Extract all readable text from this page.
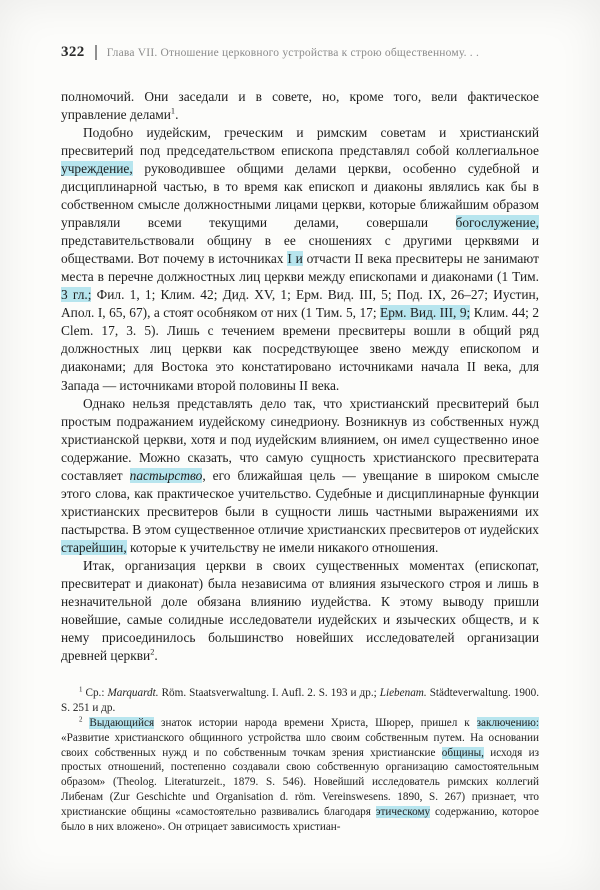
322 Глава VII. Отношение церковного устройства к строю общественному. . .

полномочий. Они заседали и в совете, но, кроме того, вели фактическое управление делами$^1$.

Подобно иудейским, греческим и римским советам и христианский пресвитерий под председательством епископа представлял собой коллегиальное учреждение, руководившее общими делами церкви, особенно судебной и дисциплинарной частью, в то время как епископ и диаконы являлись как бы в собственном смысле должностными лицами церкви, которые ближайшим образом управляли всеми текущими делами, совершали богослужение, представительствовали общину в ее сношениях с другими церквями и обществами. Вот почему в источниках I и отчасти II века пресвитеры не занимают места в перечне должностных лиц церкви между епископами и диаконами (1 Тим. 3 гл.; Фил. 1, 1; Клим. 42; Дид. XV, 1; Ерм. Вид. III, 5; Под. IX, 26–27; Иустин, Апол. I, 65, 67), а стоят особняком от них (1 Тим. 5, 17; Ерм. Вид. III, 9; Клим. 44; 2 Clem. 17, 3. 5). Лишь с течением времени пресвитеры вошли в общий ряд должностных лиц церкви как посредствующее звено между епископом и диаконами; для Востока это констатировано источниками начала II века, для Запада — источниками второй половины II века.

Однако нельзя представлять дело так, что христианский пресвитерий был простым подражанием иудейскому синедриону. Возникнув из собственных нужд христианской церкви, хотя и под иудейским влиянием, он имел существенно иное содержание. Можно сказать, что самую сущность христианского пресвитерата составляет пастырство, его ближайшая цель — увещание в широком смысле этого слова, как практическое учительство. Судебные и дисциплинарные функции христианских пресвитеров были в сущности лишь частными выражениями их пастырства. В этом существенное отличие христианских пресвитеров от иудейских старейшин, которые к учительству не имели никакого отношения.

Итак, организация церкви в своих существенных моментах (епископат, пресвитерат и диаконат) была независима от влияния языческого строя и лишь в незначительной доле обязана влиянию иудейства. К этому выводу пришли новейшие, самые солидные исследователи иудейских и языческих обществ, и к нему присоединилось большинство новейших исследователей организации древней церкви$^2$.

$^1$ Ср.: Marquardt. Röm. Staatsverwaltung. I. Aufl. 2. S. 193 и др.; Liebenam. Städteverwaltung. 1900. S. 251 и др.

$^2$ Выдающийся знаток истории народа времени Христа, Шюрер, пришел к заключению: «Развитие христианского общинного устройства шло своим собственным путем. На основании своих собственных нужд и по собственным точкам зрения христианские общины, исходя из простых отношений, постепенно создавали свою собственную организацию самостоятельным образом» (Theolog. Literaturzeit., 1879. S. 546). Новейший исследователь римских коллегий Либенам (Zur Geschichte und Organisation d. röm. Vereinswesens. 1890, S. 267) признает, что христианские общины «самостоятельно развивались благодаря этическому содержанию, которое было в них вложено». Он отрицает зависимость христиан-
